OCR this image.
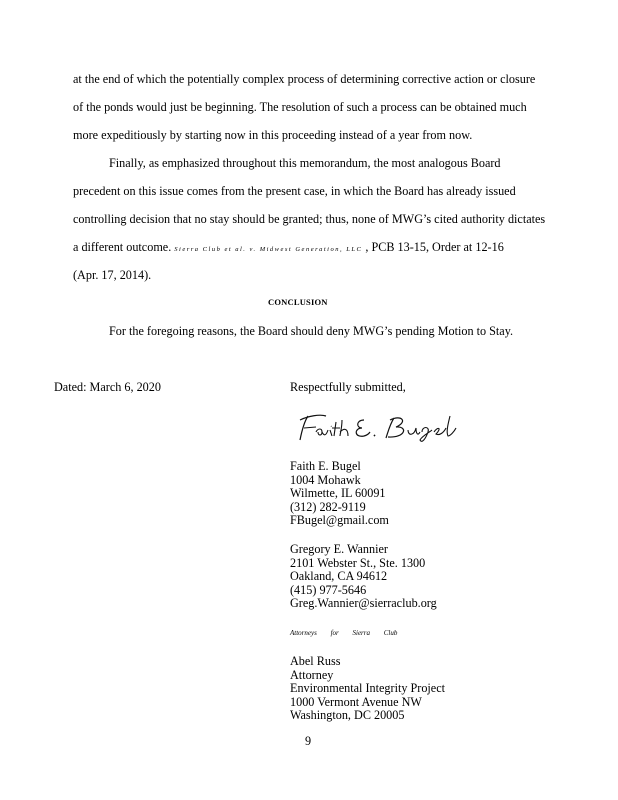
at the end of which the potentially complex process of determining corrective action or closure
of the ponds would just be beginning. The resolution of such a process can be obtained much
more expeditiously by starting now in this proceeding instead of a year from now.
Finally, as emphasized throughout this memorandum, the most analogous Board
precedent on this issue comes from the present case, in which the Board has already issued
controlling decision that no stay should be granted; thus, none of MWG’s cited authority dictates
a different outcome. Sierra Club et al. v. Midwest Generation, LLC , PCB 13-15, Order at 12-16
(Apr. 17, 2014).
CONCLUSION
For the foregoing reasons, the Board should deny MWG’s pending Motion to Stay.
Dated: March 6, 2020	Respectfully submitted,
Faith E. Bugel
1004 Mohawk
Wilmette, IL 60091
(312) 282-9119
FBugel@gmail.com
Gregory E. Wannier
2101 Webster St., Ste. 1300
Oakland, CA 94612
(415) 977-5646
Greg.Wannier@sierraclub.org
Attorneys for Sierra Club
Abel Russ
Attorney
Environmental Integrity Project
1000 Vermont Avenue NW
Washington, DC 20005
9
